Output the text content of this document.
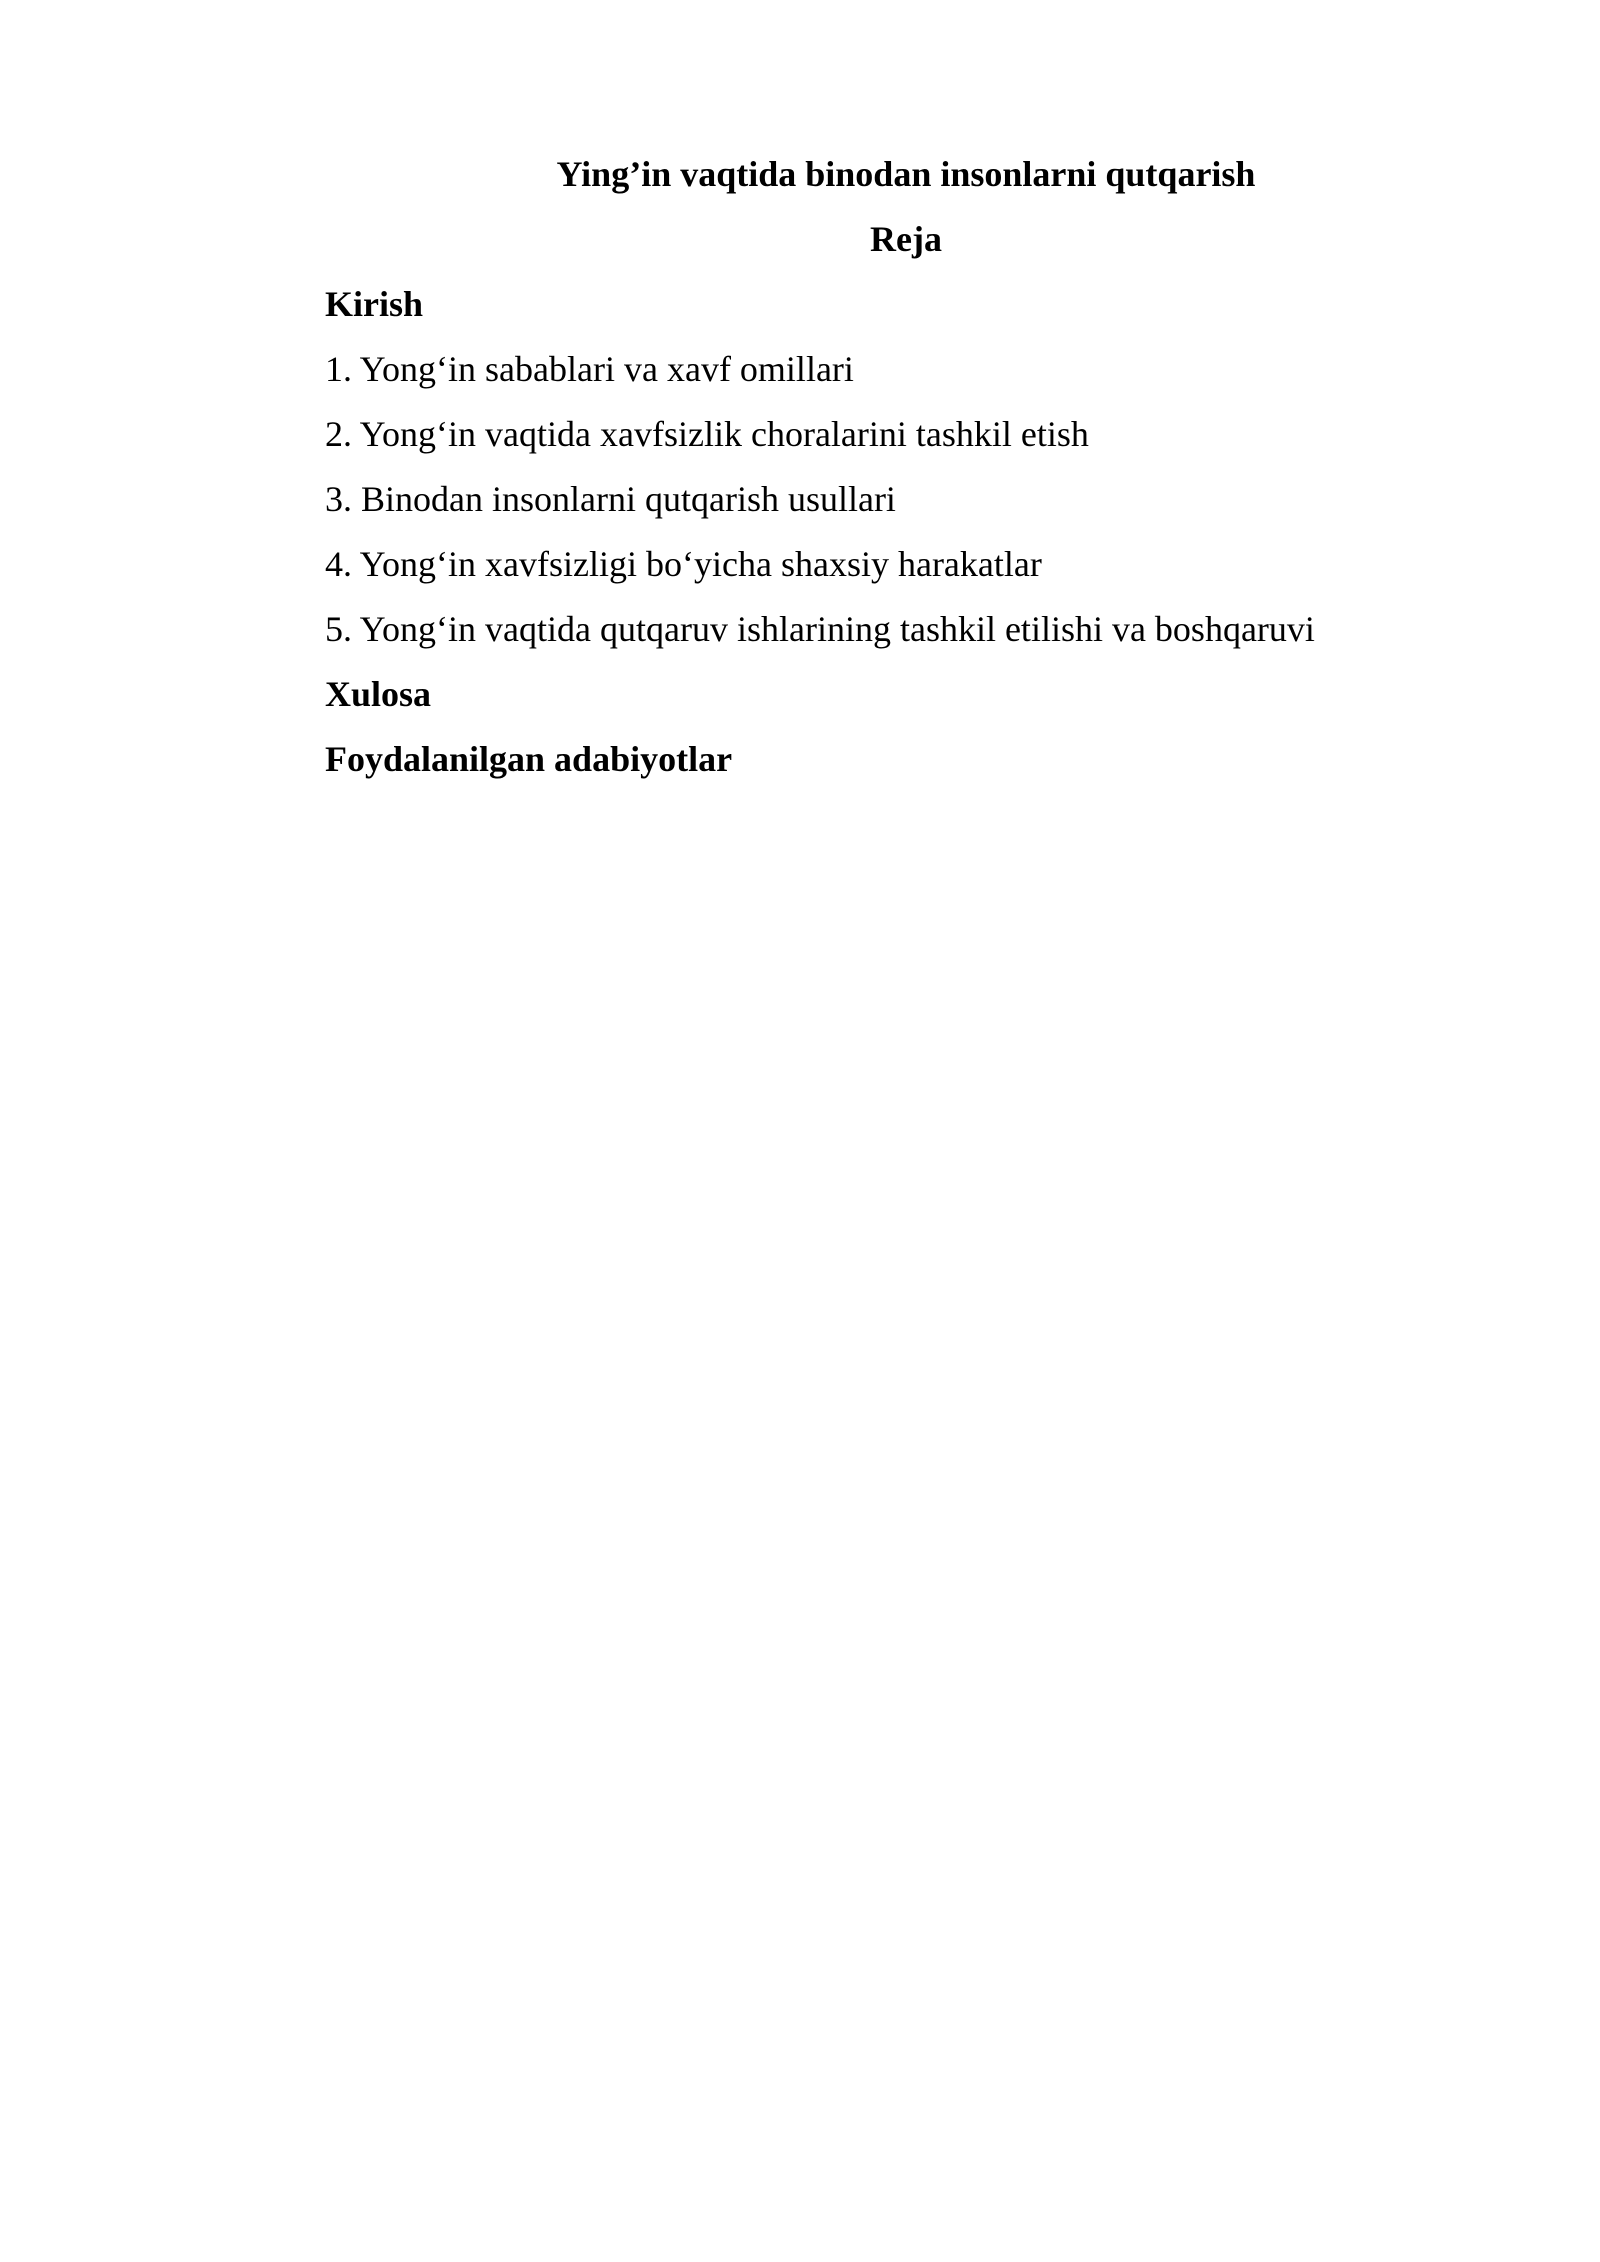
Ying’in vaqtida binodan insonlarni qutqarish
Reja
Kirish
1. Yong‘in sabablari va xavf omillari
2. Yong‘in vaqtida xavfsizlik choralarini tashkil etish
3. Binodan insonlarni qutqarish usullari
4. Yong‘in xavfsizligi bo‘yicha shaxsiy harakatlar
5. Yong‘in vaqtida qutqaruv ishlarining tashkil etilishi va boshqaruvi
Xulosa
Foydalanilgan adabiyotlar
